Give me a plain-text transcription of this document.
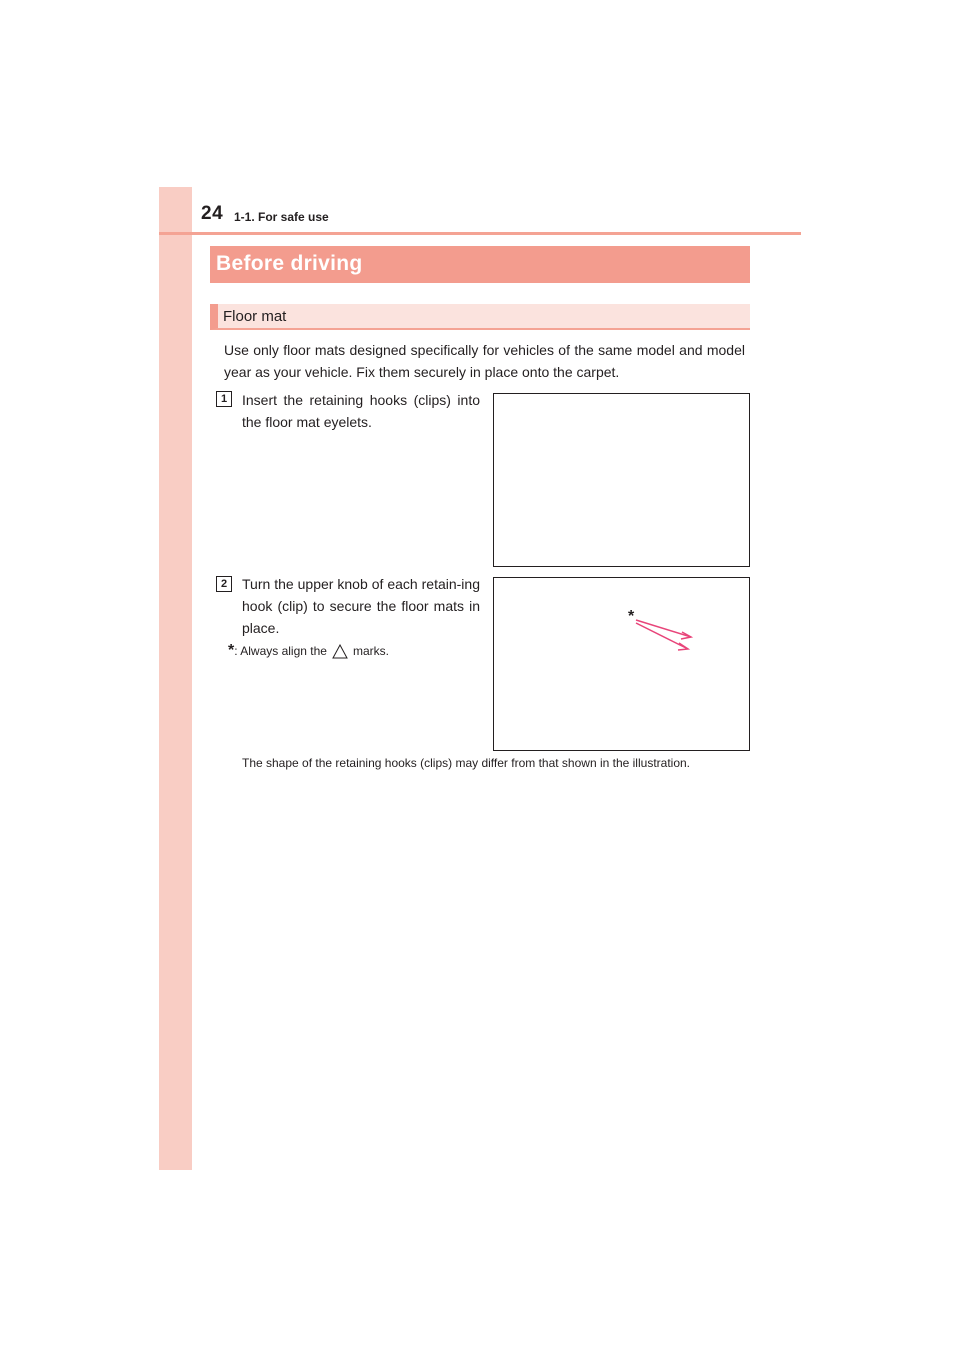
24 1-1. For safe use
Before driving
Floor mat

Use only floor mats designed specifically for vehicles of the same model and model year as your vehicle. Fix them securely in place onto the carpet.

1	Insert the retaining hooks (clips) into the floor mat eyelets.

2	Turn the upper knob of each retain-ing hook (clip) to secure the floor mats in place.

*
* : Always align the marks.
The shape of the retaining hooks (clips) may differ from that shown in the illustration.
